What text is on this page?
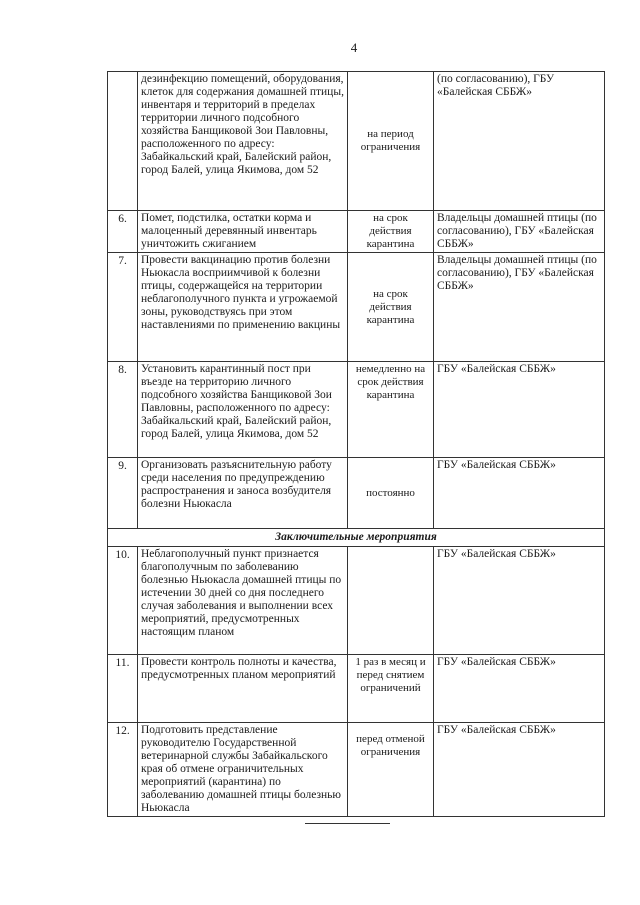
4
	дезинфекцию помещений, оборудования, клеток для содержания домашней птицы, инвентаря и территорий в пределах территории личного подсобного хозяйства Банщиковой Зои Павловны, расположенного по адресу: Забайкальский край, Балейский район, город Балей, улица Якимова, дом 52	на период ограничения	(по согласованию), ГБУ «Балейская СББЖ»
6.	Помет, подстилка, остатки корма и малоценный деревянный инвентарь уничтожить сжиганием	на срок действия карантина	Владельцы домашней птицы (по согласованию), ГБУ «Балейская СББЖ»
7.	Провести вакцинацию против болезни Ньюкасла восприимчивой к болезни птицы, содержащейся на территории неблагополучного пункта и угрожаемой зоны, руководствуясь при этом наставлениями по применению вакцины	на срок действия карантина	Владельцы домашней птицы (по согласованию), ГБУ «Балейская СББЖ»
8.	Установить карантинный пост при въезде на территорию личного подсобного хозяйства Банщиковой Зои Павловны, расположенного по адресу: Забайкальский край, Балейский район, город Балей, улица Якимова, дом 52	немедленно на срок действия карантина	ГБУ «Балейская СББЖ»
9.	Организовать разъяснительную работу среди населения по предупреждению распространения и заноса возбудителя болезни Ньюкасла	постоянно	ГБУ «Балейская СББЖ»
Заключительные мероприятия			
10.	Неблагополучный пункт признается благополучным по заболеванию болезнью Ньюкасла домашней птицы по истечении 30 дней со дня последнего случая заболевания и выполнении всех мероприятий, предусмотренных настоящим планом		ГБУ «Балейская СББЖ»
11.	Провести контроль полноты и качества, предусмотренных планом мероприятий	1 раз в месяц и перед снятием ограничений	ГБУ «Балейская СББЖ»
12.	Подготовить представление руководителю Государственной ветеринарной службы Забайкальского края об отмене ограничительных мероприятий (карантина) по заболеванию домашней птицы болезнью Ньюкасла	перед отменой ограничения	ГБУ «Балейская СББЖ»
